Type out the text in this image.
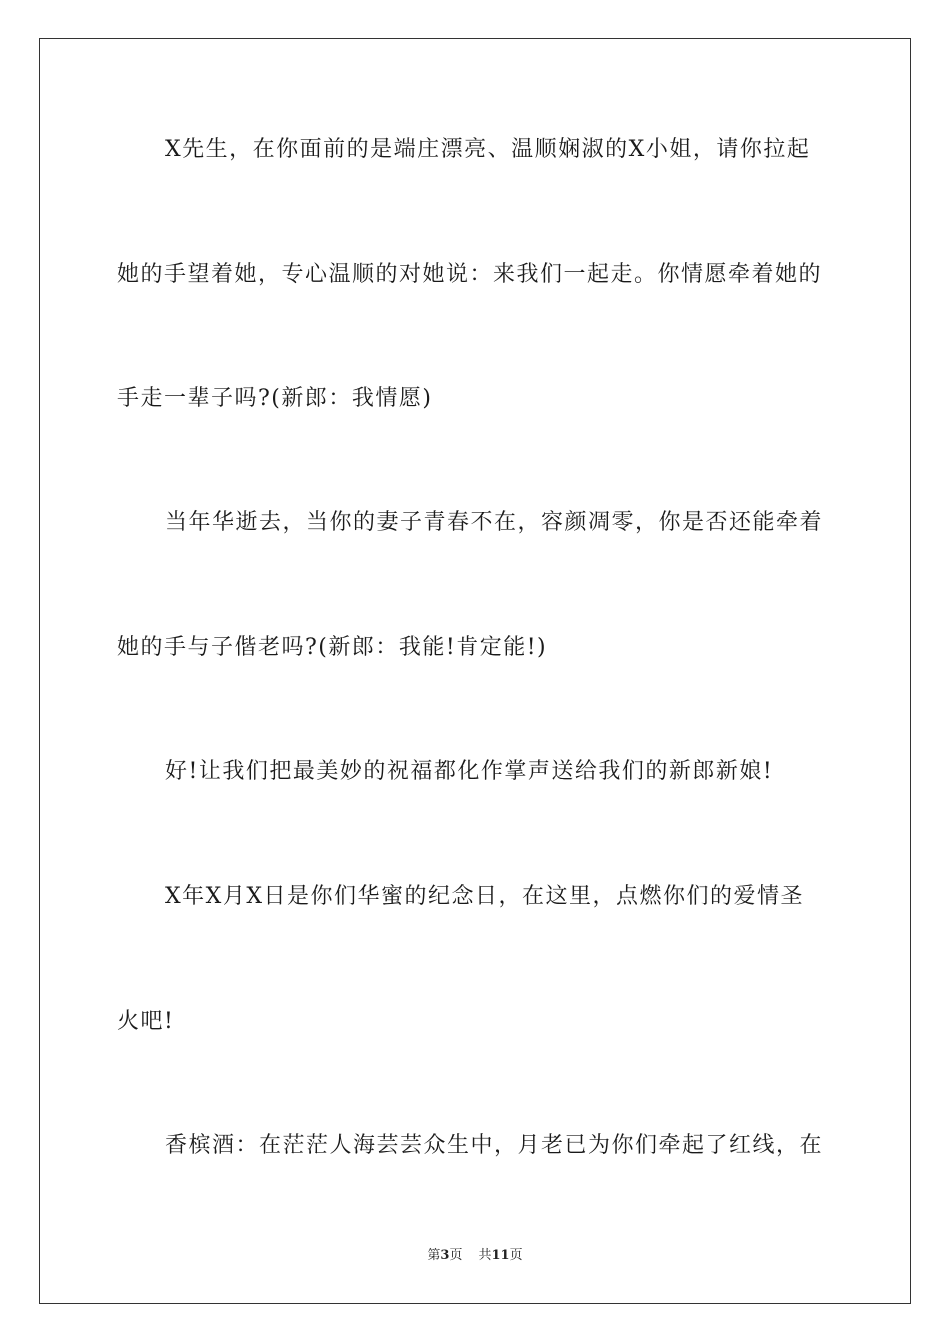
X先生，在你面前的是端庄漂亮、温顺娴淑的X小姐，请你拉起
她的手望着她，专心温顺的对她说：来我们一起走。你情愿牵着她的
手走一辈子吗?(新郎：我情愿)
当年华逝去，当你的妻子青春不在，容颜凋零，你是否还能牵着
她的手与子偕老吗?(新郎：我能!肯定能!)
好!让我们把最美妙的祝福都化作掌声送给我们的新郎新娘!
X年X月X日是你们华蜜的纪念日，在这里，点燃你们的爱情圣
火吧!
香槟酒：在茫茫人海芸芸众生中，月老已为你们牵起了红线，在
第3页 共11页
